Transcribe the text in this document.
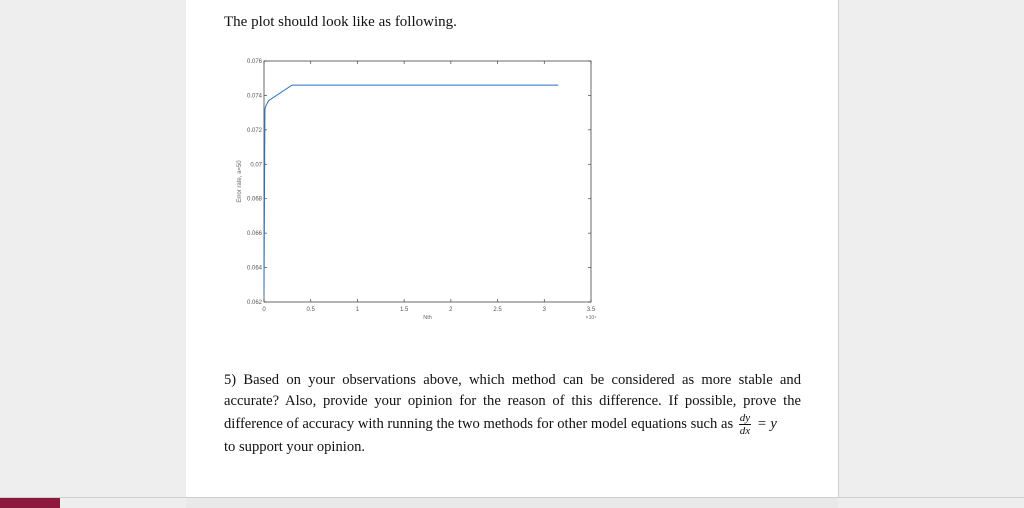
The plot should look like as following.
0	0.5	1	1.5	2	2.5	3	3.5
0.062
0.064
0.066
0.068
0.07
0.072
0.074
0.076
Nth
Error rate, a=50
×10⁴
5) Based on your observations above, which method can be considered as more stable and accurate? Also, provide your opinion for the reason of this difference. If possible, prove the difference of accuracy with running the two methods for other model equations such as $\frac{dy}{dx} = y$
to support your opinion.
